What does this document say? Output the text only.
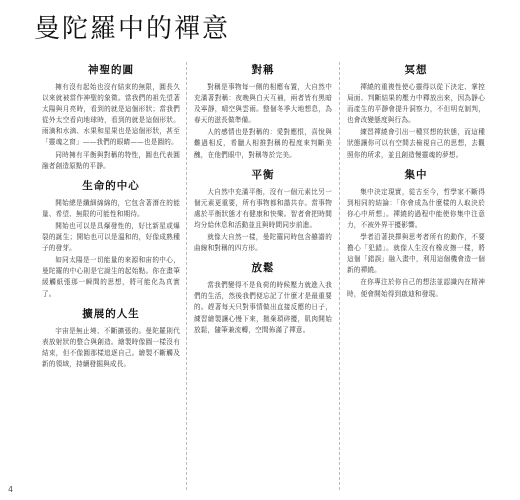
曼陀羅中的禪意
神聖的圓

擁有沒有起始也沒有結束的無限，圓長久以來就被當作神聖的象徵。當我們的祖先望著太陽與月亮時，看到的就是這個形狀；當我們從外太空看向地球時，看到的就是這個形狀。雨滴和水滴、水果和星果也是這個形狀，甚至「靈魂之窗」——我們的眼睛——也是圓的。

同時擁有平衡與對稱的特性，圓也代表圓融者創造原點的平靜。

生命的中心

開始總是纖細綿綿的，它包含著潛在的能量、希望、無限的可能性和期待。

開始也可以是具爆發性的，好比新星或爆裂的誕生；開始也可以是溫和的，好像成熟種子的發芽。

如同太陽是一切能量的來源和宙的中心，曼陀羅的中心則是它誕生的起始點。你在畫筆緩觸紙張那一瞬間的思想，將可能化為真實了。

擴展的人生

宇宙是無止境、不斷擴張的。曼陀羅則代表放射狀的整合與創造。繪製時像圓一樣沒有結束，但不像圓那樣追逐自己。繪製不斷觸及新的領域，持續發掘與成長。

對稱

對稱是事物每一側的相應布置，大自然中充滿著對稱：夜晚與白天互補，兩者皆有黑暗及寧靜，晴空與雲雨。整個冬季大地想息，為春天的滋長做準備。

人的感情也是對稱的：愛對應恨，喜悅與難過相反，希臘人相推對稱的程度來判斷美醜，在他們眼中，對稱等於完美。

平衡

大自然中充滿平衡，沒有一個元素比另一個元素更重要，所有事物都和諧共存。當事物處於平衡狀態才有健康和快樂。智者會把時間均分給休息和活動並且與時間同步前進。

就像大自然一樣，曼陀羅同時包含雖諧的曲線和對稱的四方形。

放鬆

當我們變得不是負荷的時候壓力就進入我們的生活，然後我們便忘記了什麼才是最重要的。趕著每天只對事情做出直接反應的日子，練習繪製讓心慢下來，拋棄瑣碎擾，肌肉開始放鬆，隨筆兼流轉，空間佈滿了禪意。

冥想

禪繞的重複性使心靈得以從下決定、掌控局面、判斷結果的壓力中釋放出來，因為靜心而產生的平靜會提升洞察力，不但明克制判，也會改變態度與行為。

練習禪繞會引出一種冥想的狀態，而這種狀態讓你可以有空間去檢視自己的思想，去觀照你的所求，並且創造慢靈魂的夢想。

集中

集中決定現實，從古至今，哲學家不斷得到相同的結論：「你會成為什麼樣的人取決於你心中所想」。禪繞的過程中能使你集中注意力，不被外界干擾影響。

學者沿著抉擇與思考者所有的動作，不要擔心「犯錯」。就像人生沒有橡皮擦一樣，將這個「錯誤」融入畫中，利用這個機會造一個新的禪繞。

在你專注於你自己的想法並認識內在精神時，便會開始得到啟迪和發現。

4
